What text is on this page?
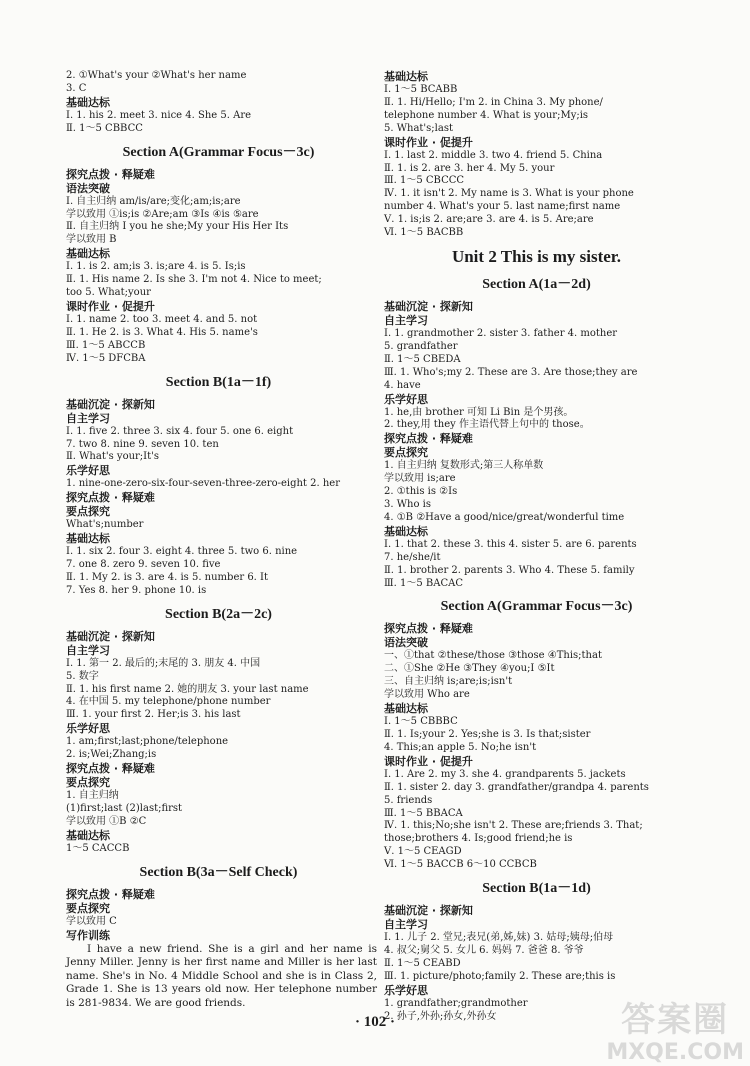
2. ①What's your ②What's her name
3. C
基础达标
Ⅰ. 1. his 2. meet 3. nice 4. She 5. Are
Ⅱ. 1～5 CBBCC
Section A(Grammar Focus－3c)
探究点拨 · 释疑难
语法突破
Ⅰ. 自主归纳 am/is/are;变化;am;is;are
学以致用 ①is;is ②Are;am ③Is ④is ⑤are
Ⅱ. 自主归纳 I you he she;My your His Her Its
学以致用 B
基础达标
Ⅰ. 1. is 2. am;is 3. is;are 4. is 5. Is;is
Ⅱ. 1. His name 2. Is she 3. I'm not 4. Nice to meet;
too 5. What;your
课时作业 · 促提升
Ⅰ. 1. name 2. too 3. meet 4. and 5. not
Ⅱ. 1. He 2. is 3. What 4. His 5. name's
Ⅲ. 1～5 ABCCB
Ⅳ. 1～5 DFCBA
Section B(1a－1f)
基础沉淀 · 探新知
自主学习
Ⅰ. 1. five 2. three 3. six 4. four 5. one 6. eight
7. two 8. nine 9. seven 10. ten
Ⅱ. What's your;It's
乐学好思
1. nine-one-zero-six-four-seven-three-zero-eight 2. her
探究点拨 · 释疑难
要点探究
What's;number
基础达标
Ⅰ. 1. six 2. four 3. eight 4. three 5. two 6. nine
7. one 8. zero 9. seven 10. five
Ⅱ. 1. My 2. is 3. are 4. is 5. number 6. It
7. Yes 8. her 9. phone 10. is
Section B(2a－2c)
基础沉淀 · 探新知
自主学习
Ⅰ. 1. 第一 2. 最后的;末尾的 3. 朋友 4. 中国
5. 数字
Ⅱ. 1. his first name 2. 她的朋友 3. your last name
4. 在中国 5. my telephone/phone number
Ⅲ. 1. your first 2. Her;is 3. his last
乐学好思
1. am;first;last;phone/telephone
2. is;Wei;Zhang;is
探究点拨 · 释疑难
要点探究
1. 自主归纳
(1)first;last (2)last;first
学以致用 ①B ②C
基础达标
1～5 CACCB
Section B(3a－Self Check)
探究点拨 · 释疑难
要点探究
学以致用 C
写作训练
I have a new friend. She is a girl and her name is Jenny Miller. Jenny is her first name and Miller is her last name. She's in No. 4 Middle School and she is in Class 2, Grade 1. She is 13 years old now. Her telephone number is 281-9834. We are good friends.
基础达标
Ⅰ. 1～5 BCABB
Ⅱ. 1. Hi/Hello; I'm 2. in China 3. My phone/
telephone number 4. What is your;My;is
5. What's;last
课时作业 · 促提升
Ⅰ. 1. last 2. middle 3. two 4. friend 5. China
Ⅱ. 1. is 2. are 3. her 4. My 5. your
Ⅲ. 1～5 CBCCC
Ⅳ. 1. it isn't 2. My name is 3. What is your phone
number 4. What's your 5. last name;first name
Ⅴ. 1. is;is 2. are;are 3. are 4. is 5. Are;are
Ⅵ. 1～5 BACBB
Unit 2 This is my sister.
Section A(1a－2d)
基础沉淀 · 探新知
自主学习
Ⅰ. 1. grandmother 2. sister 3. father 4. mother
5. grandfather
Ⅱ. 1～5 CBEDA
Ⅲ. 1. Who's;my 2. These are 3. Are those;they are
4. have
乐学好思
1. he,由 brother 可知 Li Bin 是个男孩。
2. they,用 they 作主语代替上句中的 those。
探究点拨 · 释疑难
要点探究
1. 自主归纳 复数形式;第三人称单数
学以致用 is;are
2. ①this is ②Is
3. Who is
4. ①B ②Have a good/nice/great/wonderful time
基础达标
Ⅰ. 1. that 2. these 3. this 4. sister 5. are 6. parents
7. he/she/it
Ⅱ. 1. brother 2. parents 3. Who 4. These 5. family
Ⅲ. 1～5 BACAC
Section A(Grammar Focus－3c)
探究点拨 · 释疑难
语法突破
一、①that ②these/those ③those ④This;that
二、①She ②He ③They ④you;I ⑤It
三、自主归纳 is;are;is;isn't
学以致用 Who are
基础达标
Ⅰ. 1～5 CBBBC
Ⅱ. 1. Is;your 2. Yes;she is 3. Is that;sister
4. This;an apple 5. No;he isn't
课时作业 · 促提升
Ⅰ. 1. Are 2. my 3. she 4. grandparents 5. jackets
Ⅱ. 1. sister 2. day 3. grandfather/grandpa 4. parents
5. friends
Ⅲ. 1～5 BBACA
Ⅳ. 1. this;No;she isn't 2. These are;friends 3. That;
those;brothers 4. Is;good friend;he is
Ⅴ. 1～5 CEAGD
Ⅵ. 1～5 BACCB 6～10 CCBCB
Section B(1a－1d)
基础沉淀 · 探新知
自主学习
Ⅰ. 1. 儿子 2. 堂兄;表兄(弟,姊,妹) 3. 姑母;姨母;伯母
4. 叔父;舅父 5. 女儿 6. 妈妈 7. 爸爸 8. 爷爷
Ⅱ. 1～5 CEABD
Ⅲ. 1. picture/photo;family 2. These are;this is
乐学好思
1. grandfather;grandmother
2. 孙子,外孙;孙女,外孙女
· 102 ·	答案圈
MXQE.COM
